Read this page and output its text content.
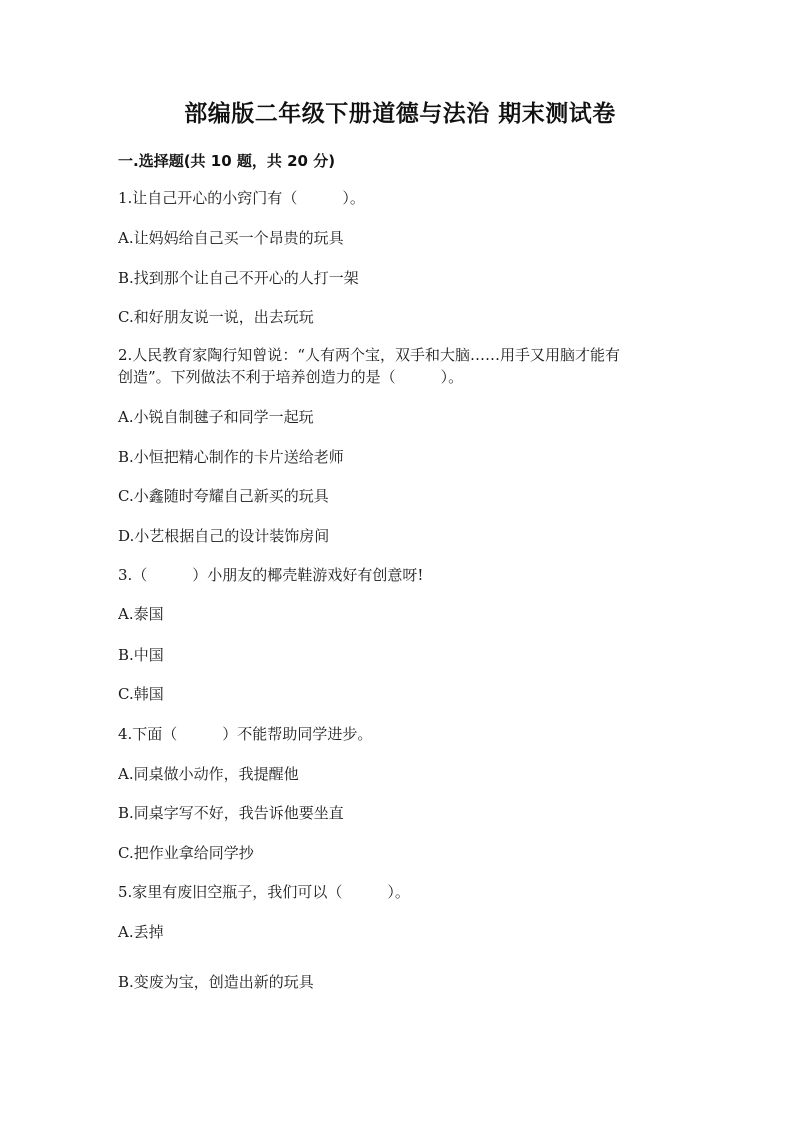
部编版二年级下册道德与法治 期末测试卷
一.选择题(共 10 题，共 20 分)
1.让自己开心的小窍门有（　　　）。
A.让妈妈给自己买一个昂贵的玩具
B.找到那个让自己不开心的人打一架
C.和好朋友说一说，出去玩玩
2.人民教育家陶行知曾说：“人有两个宝，双手和大脑……用手又用脑才能有
创造”。下列做法不利于培养创造力的是（　　　）。
A.小锐自制毽子和同学一起玩
B.小恒把精心制作的卡片送给老师
C.小鑫随时夸耀自己新买的玩具
D.小艺根据自己的设计装饰房间
3.（　　　）小朋友的椰壳鞋游戏好有创意呀!
A.泰国
B.中国
C.韩国
4.下面（　　　）不能帮助同学进步。
A.同桌做小动作，我提醒他
B.同桌字写不好，我告诉他要坐直
C.把作业拿给同学抄
5.家里有废旧空瓶子，我们可以（　　　）。
A.丢掉
B.变废为宝，创造出新的玩具
